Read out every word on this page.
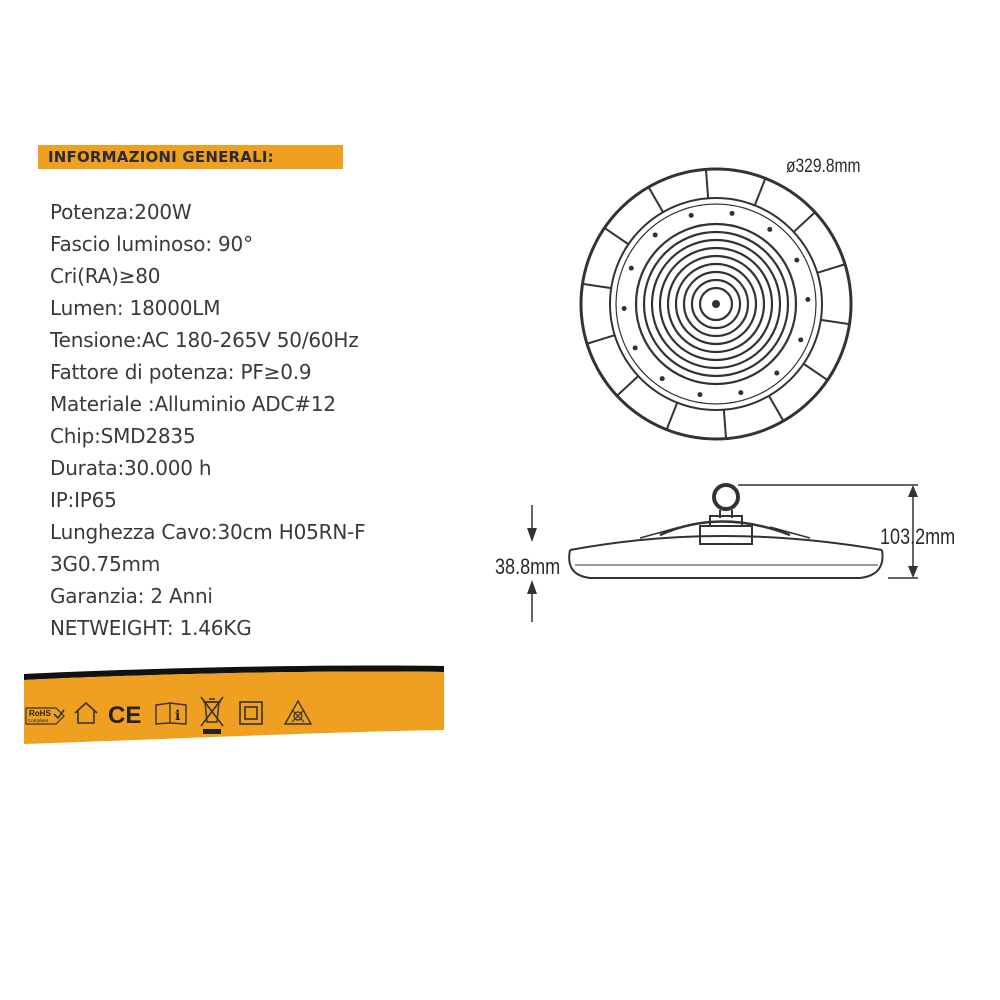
INFORMAZIONI GENERALI:
Potenza:200W
Fascio luminoso: 90°
Cri(RA)≥80
Lumen: 18000LM
Tensione:AC 180-265V 50/60Hz
Fattore di potenza: PF≥0.9
Materiale :Alluminio ADC#12
Chip:SMD2835
Durata:30.000 h
IP:IP65
Lunghezza Cavo:30cm H05RN-F
3G0.75mm
Garanzia: 2 Anni
NETWEIGHT: 1.46KG
RoHS
Compliant CE i
ø329.8mm
103.2mm
38.8mm
